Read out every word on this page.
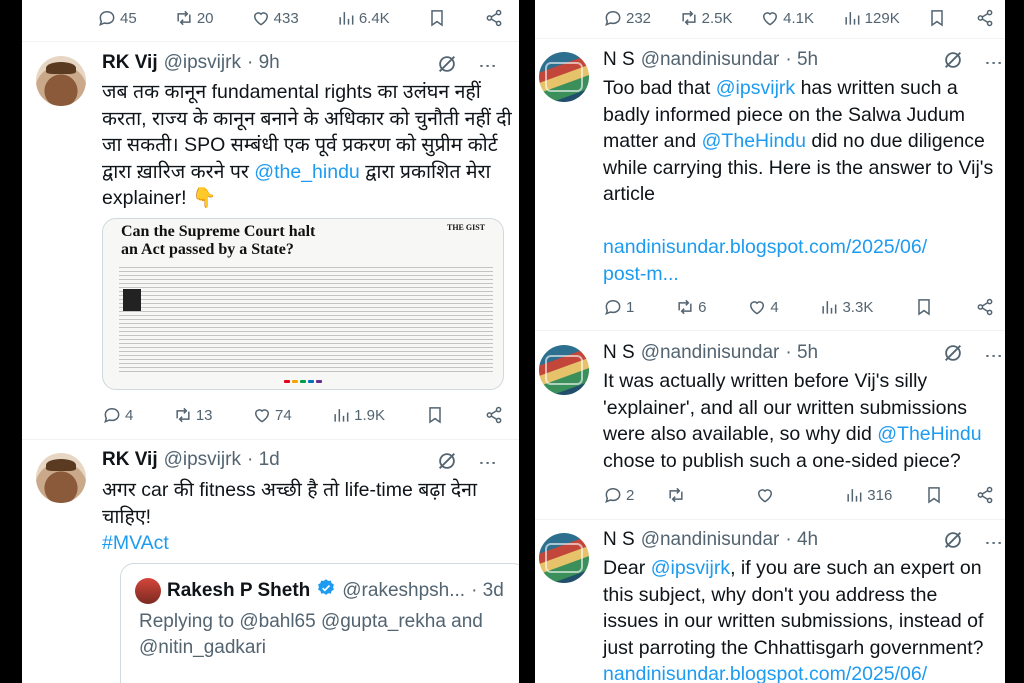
45	20	433	6.4K
RK Vij @ipsvijrk · 9h	⋮
जब तक कानून fundamental rights का उलंघन नहीं
करता, राज्य के कानून बनाने के अधिकार को चुनौती नहीं दी
जा सकती। SPO सम्बंधी एक पूर्व प्रकरण को सुप्रीम कोर्ट
द्वारा ख़ारिज करने पर @the_hindu द्वारा प्रकाशित मेरा
explainer! 👇
Can the Supreme Court halt an Act passed by a State?
THE GIST
4	13	74	1.9K
RK Vij @ipsvijrk · 1d	⋮
अगर car की fitness अच्छी है तो life-time बढ़ा देना
चाहिए!
#MVAct
Rakesh P Sheth @rakeshpsh... · 3d
Replying to @bahl65 @gupta_rekha and
@nitin_gadkari
232	2.5K	4.1K	129K
N S @nandinisundar · 5h	⋮
Too bad that @ipsvijrk has written such a
badly informed piece on the Salwa Judum
matter and @TheHindu did no due diligence
while carrying this. Here is the answer to Vij's
article
nandinisundar.blogspot.com/2025/06/
post-m...
1	6	4	3.3K
N S @nandinisundar · 5h	⋮
It was actually written before Vij's silly
'explainer', and all our written submissions
were also available, so why did @TheHindu
chose to publish such a one-sided piece?
2	316
N S @nandinisundar · 4h	⋮
Dear @ipsvijrk, if you are such an expert on
this subject, why don't you address the
issues in our written submissions, instead of
just parroting the Chhattisgarh government?
nandinisundar.blogspot.com/2025/06/
